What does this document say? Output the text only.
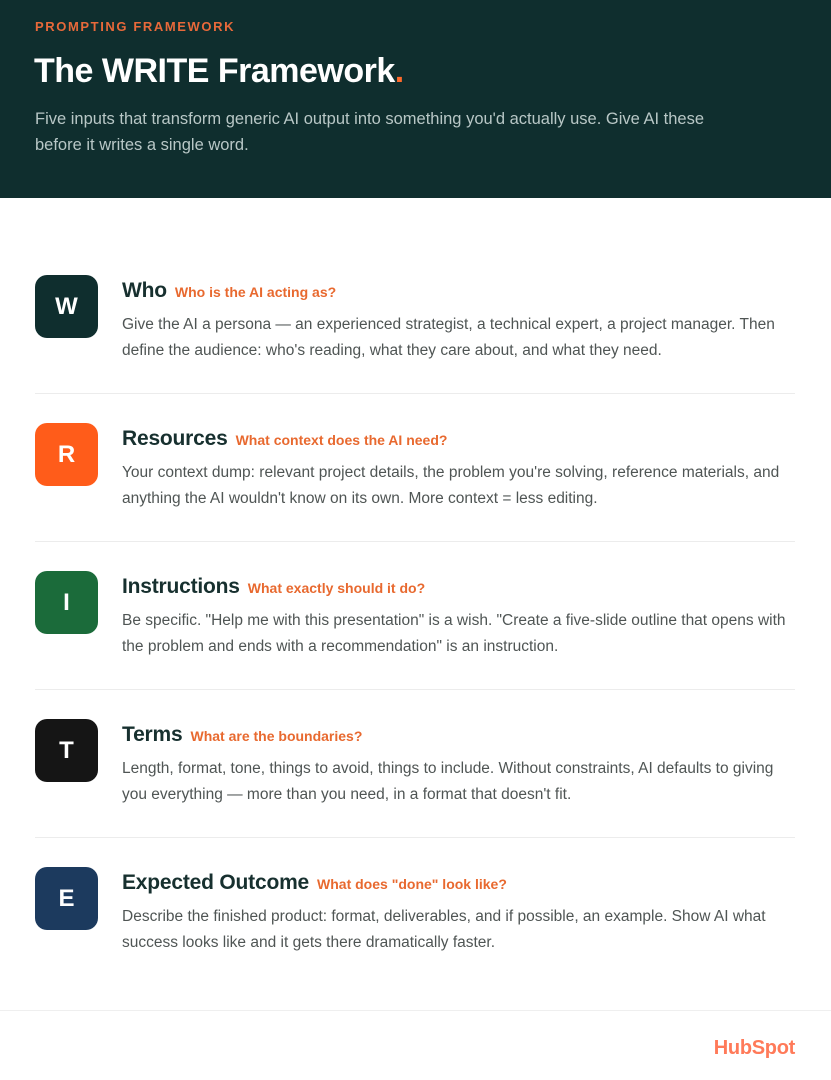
PROMPTING FRAMEWORK
The WRITE Framework.
Five inputs that transform generic AI output into something you'd actually use. Give AI these before it writes a single word.
W
Who Who is the AI acting as?
Give the AI a persona — an experienced strategist, a technical expert, a project manager. Then define the audience: who's reading, what they care about, and what they need.
R
Resources What context does the AI need?
Your context dump: relevant project details, the problem you're solving, reference materials, and anything the AI wouldn't know on its own. More context = less editing.
I
Instructions What exactly should it do?
Be specific. "Help me with this presentation" is a wish. "Create a five-slide outline that opens with the problem and ends with a recommendation" is an instruction.
T
Terms What are the boundaries?
Length, format, tone, things to avoid, things to include. Without constraints, AI defaults to giving you everything — more than you need, in a format that doesn't fit.
E
Expected Outcome What does "done" look like?
Describe the finished product: format, deliverables, and if possible, an example. Show AI what success looks like and it gets there dramatically faster.
HubSpot
